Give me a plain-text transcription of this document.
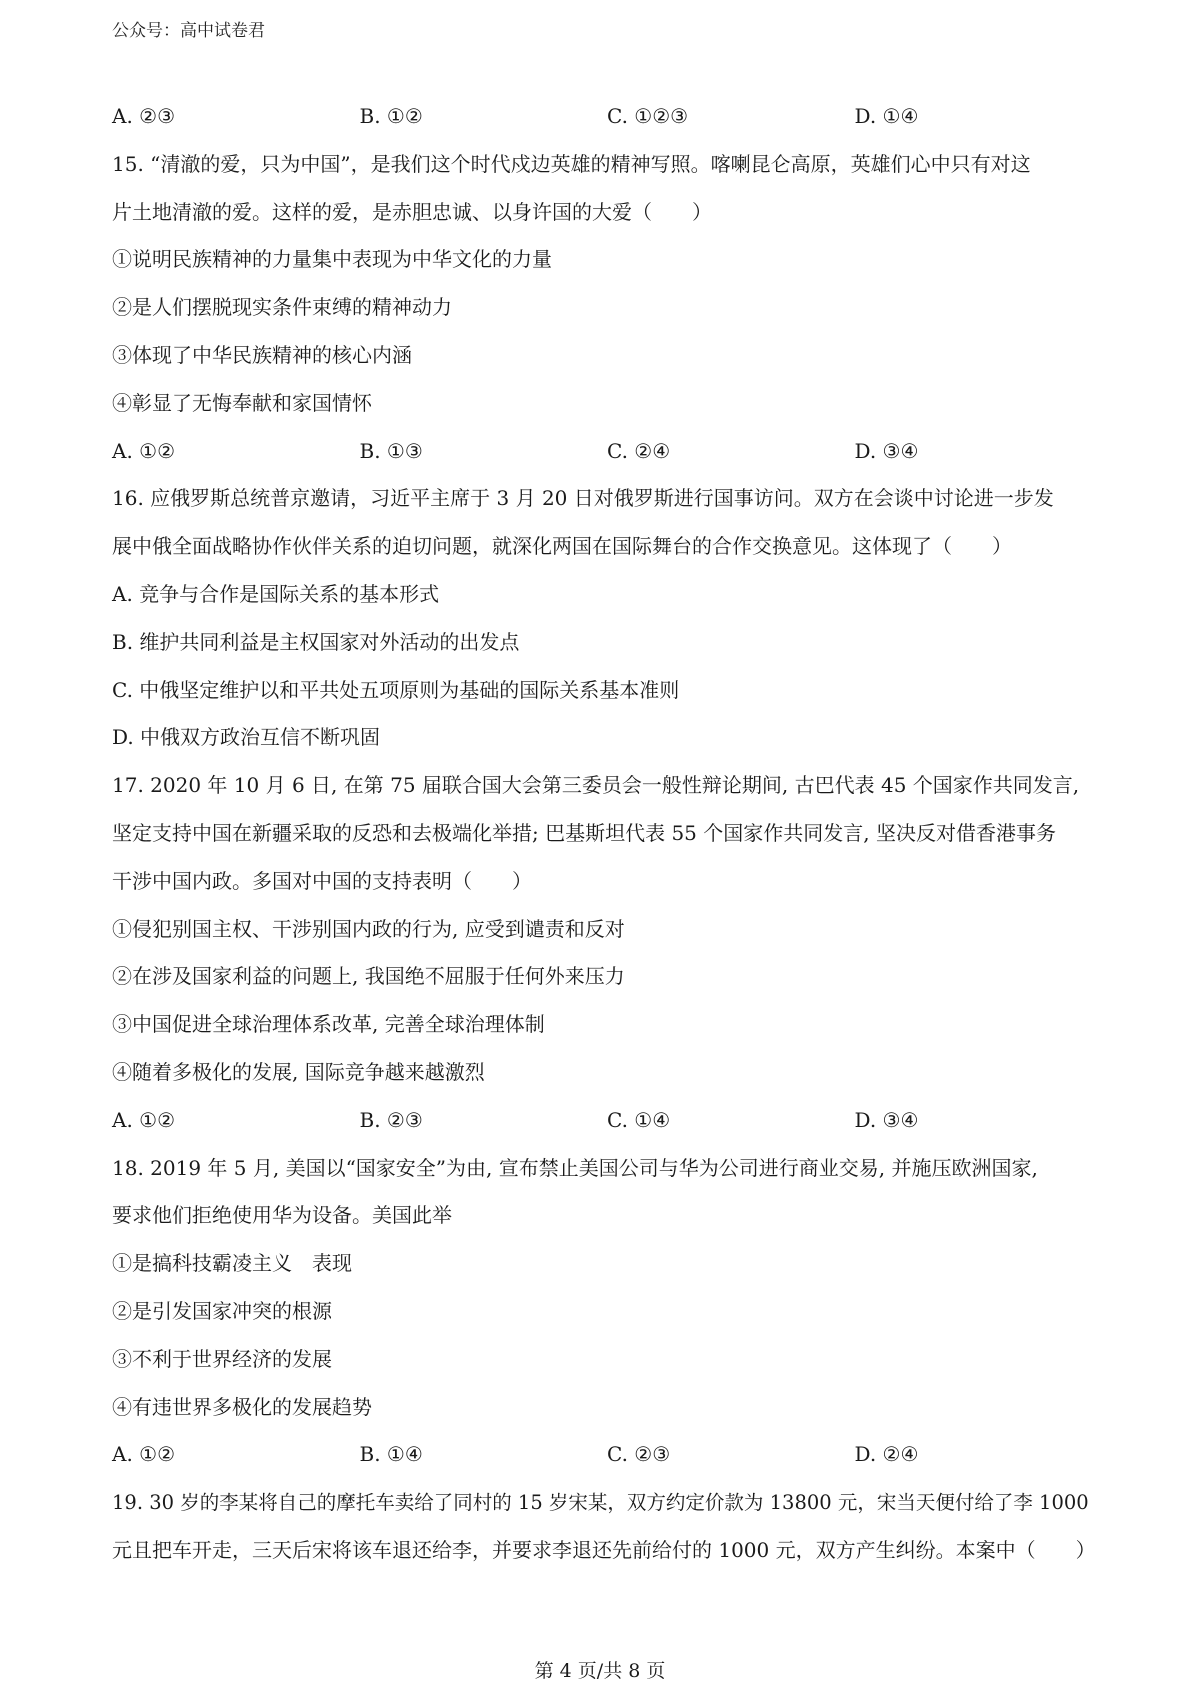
公众号：高中试卷君
A. ②③	B. ①②	C. ①②③	D. ①④
15. “清澈的爱，只为中国”，是我们这个时代戍边英雄的精神写照。喀喇昆仑高原，英雄们心中只有对这
片土地清澈的爱。这样的爱，是赤胆忠诚、以身许国的大爱（　　）
①说明民族精神的力量集中表现为中华文化的力量
②是人们摆脱现实条件束缚的精神动力
③体现了中华民族精神的核心内涵
④彰显了无悔奉献和家国情怀
A. ①②	B. ①③	C. ②④	D. ③④
16. 应俄罗斯总统普京邀请，习近平主席于 3 月 20 日对俄罗斯进行国事访问。双方在会谈中讨论进一步发
展中俄全面战略协作伙伴关系的迫切问题，就深化两国在国际舞台的合作交换意见。这体现了（　　）
A. 竞争与合作是国际关系的基本形式
B. 维护共同利益是主权国家对外活动的出发点
C. 中俄坚定维护以和平共处五项原则为基础的国际关系基本准则
D. 中俄双方政治互信不断巩固
17. 2020 年 10 月 6 日, 在第 75 届联合国大会第三委员会一般性辩论期间, 古巴代表 45 个国家作共同发言,
坚定支持中国在新疆采取的反恐和去极端化举措; 巴基斯坦代表 55 个国家作共同发言, 坚决反对借香港事务
干涉中国内政。多国对中国的支持表明（　　）
①侵犯别国主权、干涉别国内政的行为, 应受到谴责和反对
②在涉及国家利益的问题上, 我国绝不屈服于任何外来压力
③中国促进全球治理体系改革, 完善全球治理体制
④随着多极化的发展, 国际竞争越来越激烈
A. ①②	B. ②③	C. ①④	D. ③④
18. 2019 年 5 月, 美国以“国家安全”为由, 宣布禁止美国公司与华为公司进行商业交易, 并施压欧洲国家,
要求他们拒绝使用华为设备。美国此举
①是搞科技霸凌主义　表现
②是引发国家冲突的根源
③不利于世界经济的发展
④有违世界多极化的发展趋势
A. ①②	B. ①④	C. ②③	D. ②④
19. 30 岁的李某将自己的摩托车卖给了同村的 15 岁宋某，双方约定价款为 13800 元，宋当天便付给了李 1000
元且把车开走，三天后宋将该车退还给李，并要求李退还先前给付的 1000 元，双方产生纠纷。本案中（　　）
第 4 页/共 8 页
